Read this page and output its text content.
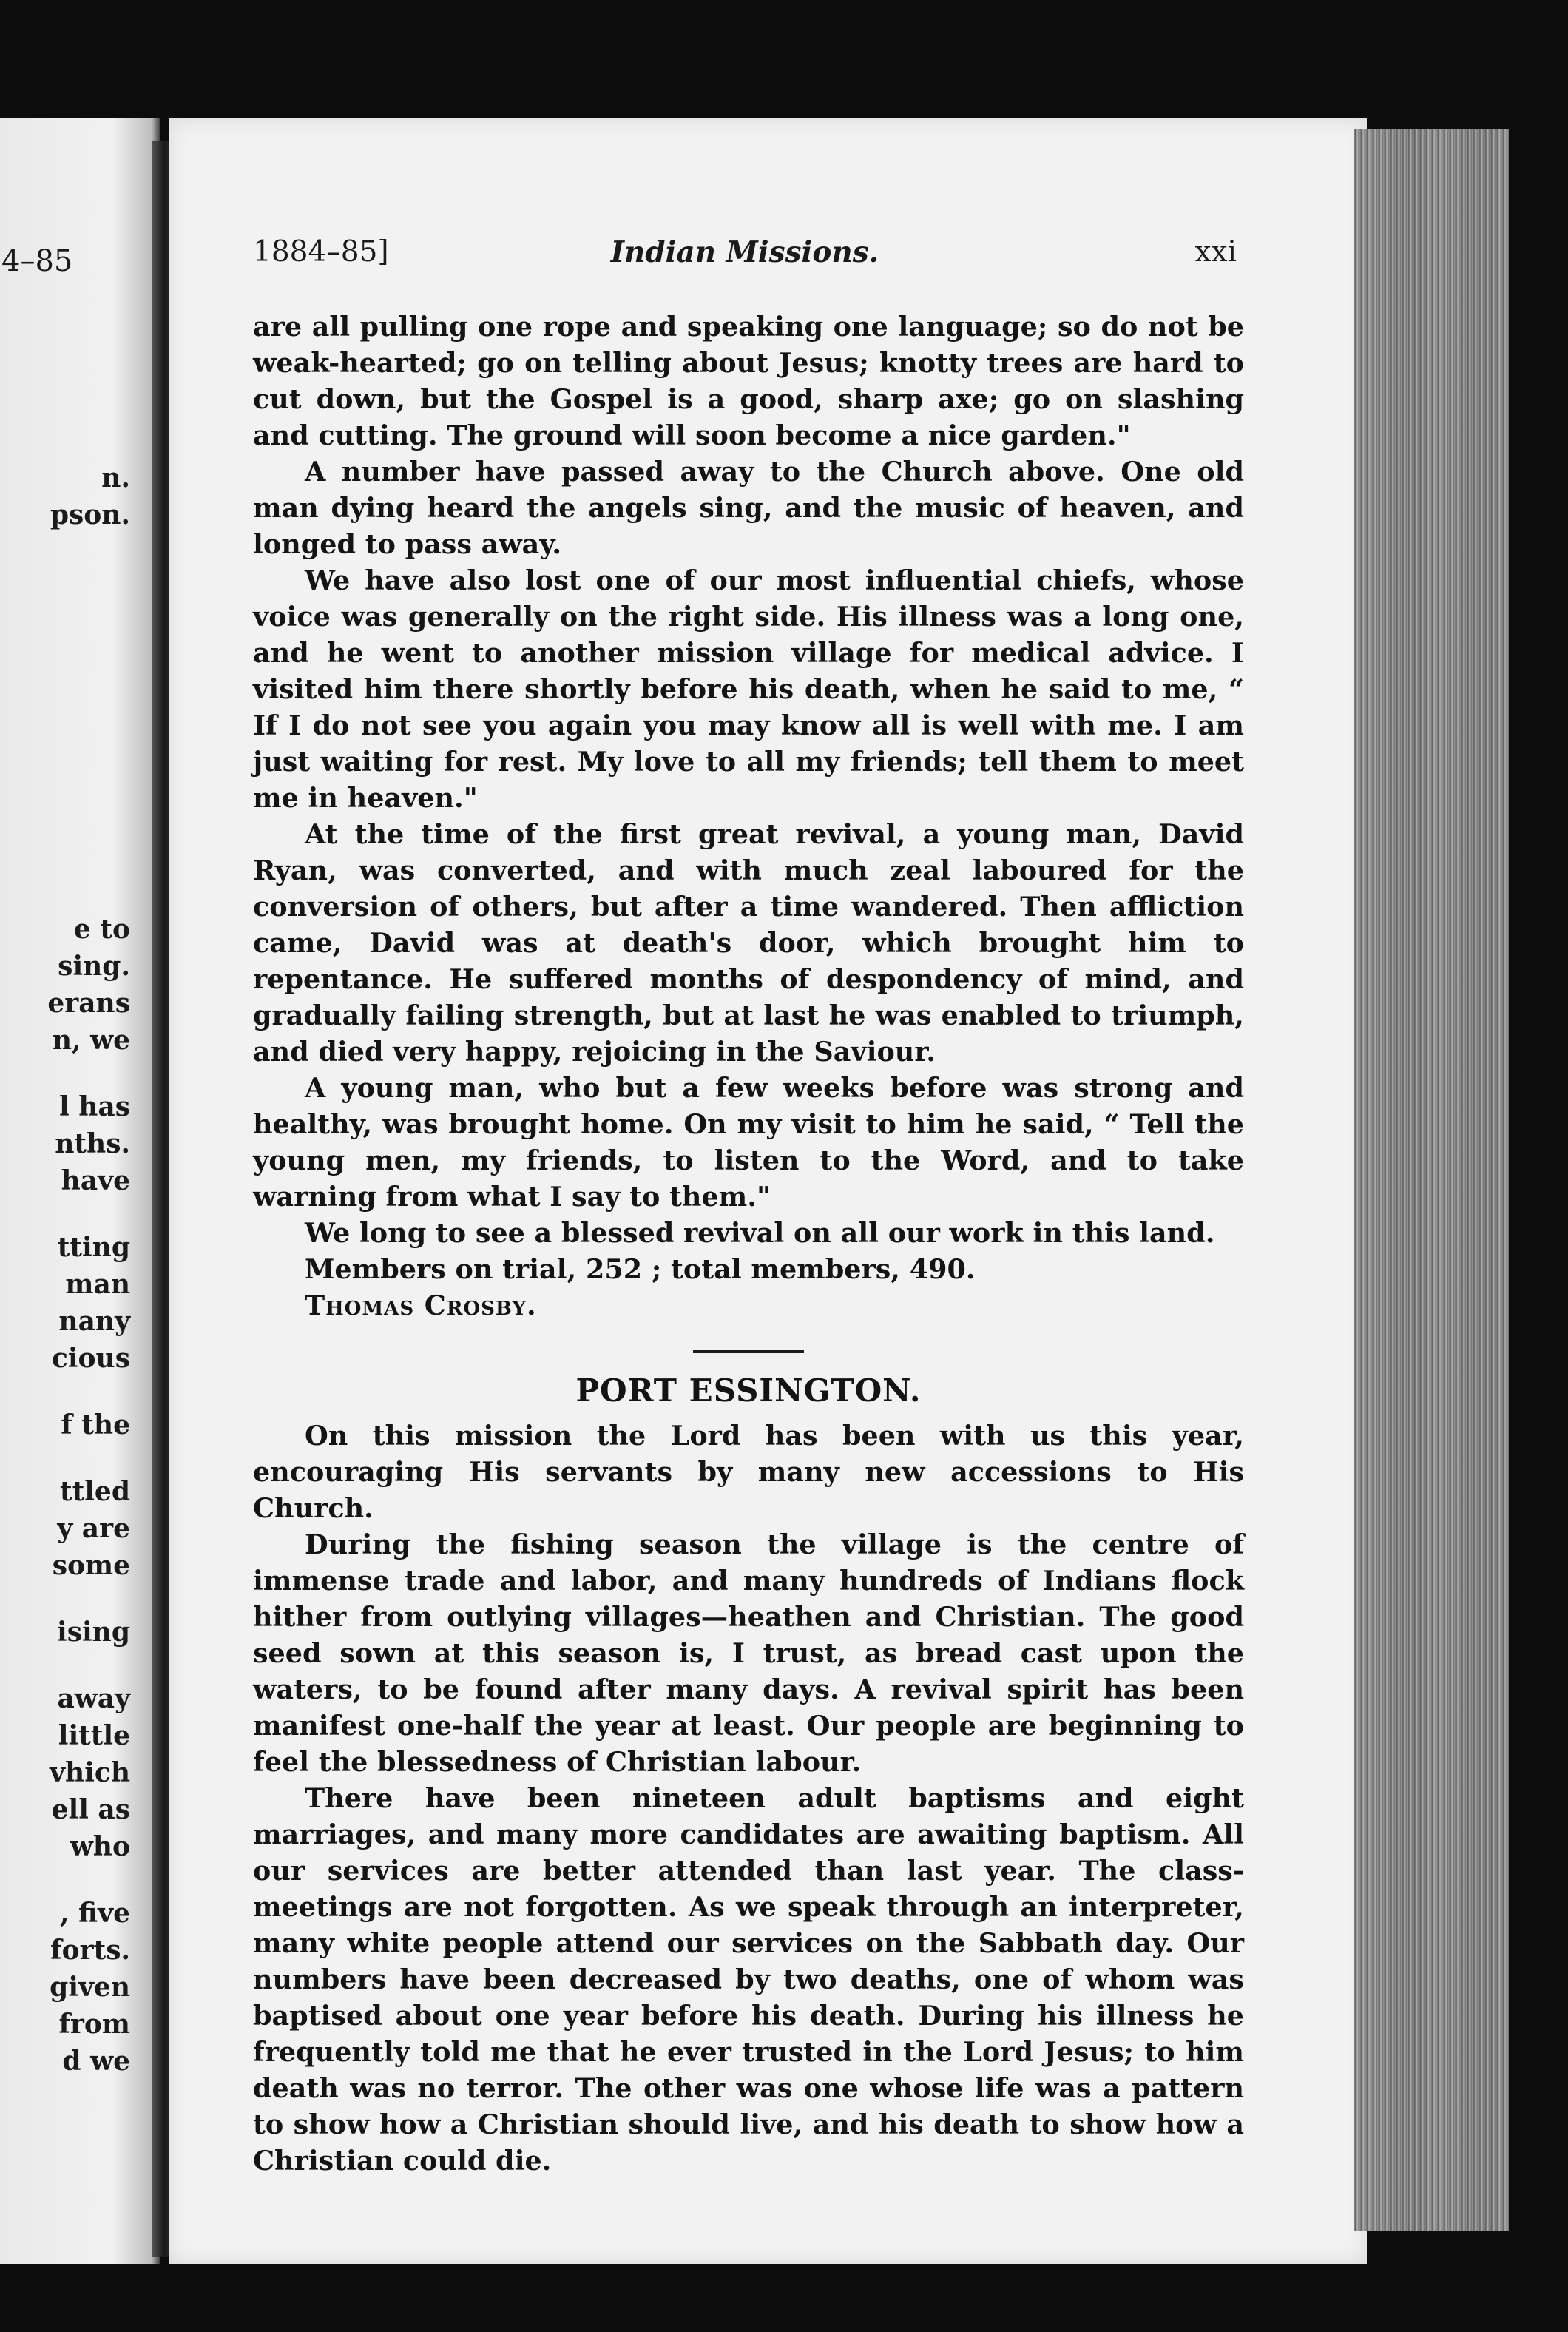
4–85

n.

pson.

e to

sing.

erans

n, we

l has

nths.

have

tting

man

nany

cious

f the

ttled

y are

some

ising

away

little

vhich

ell as

who

, five

forts.

given

from

d we

1884–85]	Indian Missions.	xxi

are all pulling one rope and speaking one language; so do not be weak-hearted; go on telling about Jesus; knotty trees are hard to cut down, but the Gospel is a good, sharp axe; go on slashing and cutting. The ground will soon become a nice garden."

A number have passed away to the Church above. One old man dying heard the angels sing, and the music of heaven, and longed to pass away.

We have also lost one of our most influential chiefs, whose voice was generally on the right side. His illness was a long one, and he went to another mission village for medical advice. I visited him there shortly before his death, when he said to me, “ If I do not see you again you may know all is well with me. I am just waiting for rest. My love to all my friends; tell them to meet me in heaven."

At the time of the first great revival, a young man, David Ryan, was converted, and with much zeal laboured for the conversion of others, but after a time wandered. Then affliction came, David was at death's door, which brought him to repentance. He suffered months of despondency of mind, and gradually failing strength, but at last he was enabled to triumph, and died very happy, rejoicing in the Saviour.

A young man, who but a few weeks before was strong and healthy, was brought home. On my visit to him he said, “ Tell the young men, my friends, to listen to the Word, and to take warning from what I say to them."

We long to see a blessed revival on all our work in this land.

Members on trial, 252 ; total members, 490.

Thomas Crosby.

PORT ESSINGTON.

On this mission the Lord has been with us this year, encouraging His servants by many new accessions to His Church.

During the fishing season the village is the centre of immense trade and labor, and many hundreds of Indians flock hither from outlying villages—heathen and Christian. The good seed sown at this season is, I trust, as bread cast upon the waters, to be found after many days. A revival spirit has been manifest one-half the year at least. Our people are beginning to feel the blessedness of Christian labour.

There have been nineteen adult baptisms and eight marriages, and many more candidates are awaiting baptism. All our services are better attended than last year. The class-meetings are not forgotten. As we speak through an interpreter, many white people attend our services on the Sabbath day. Our numbers have been decreased by two deaths, one of whom was baptised about one year before his death. During his illness he frequently told me that he ever trusted in the Lord Jesus; to him death was no terror. The other was one whose life was a pattern to show how a Christian should live, and his death to show how a Christian could die.
